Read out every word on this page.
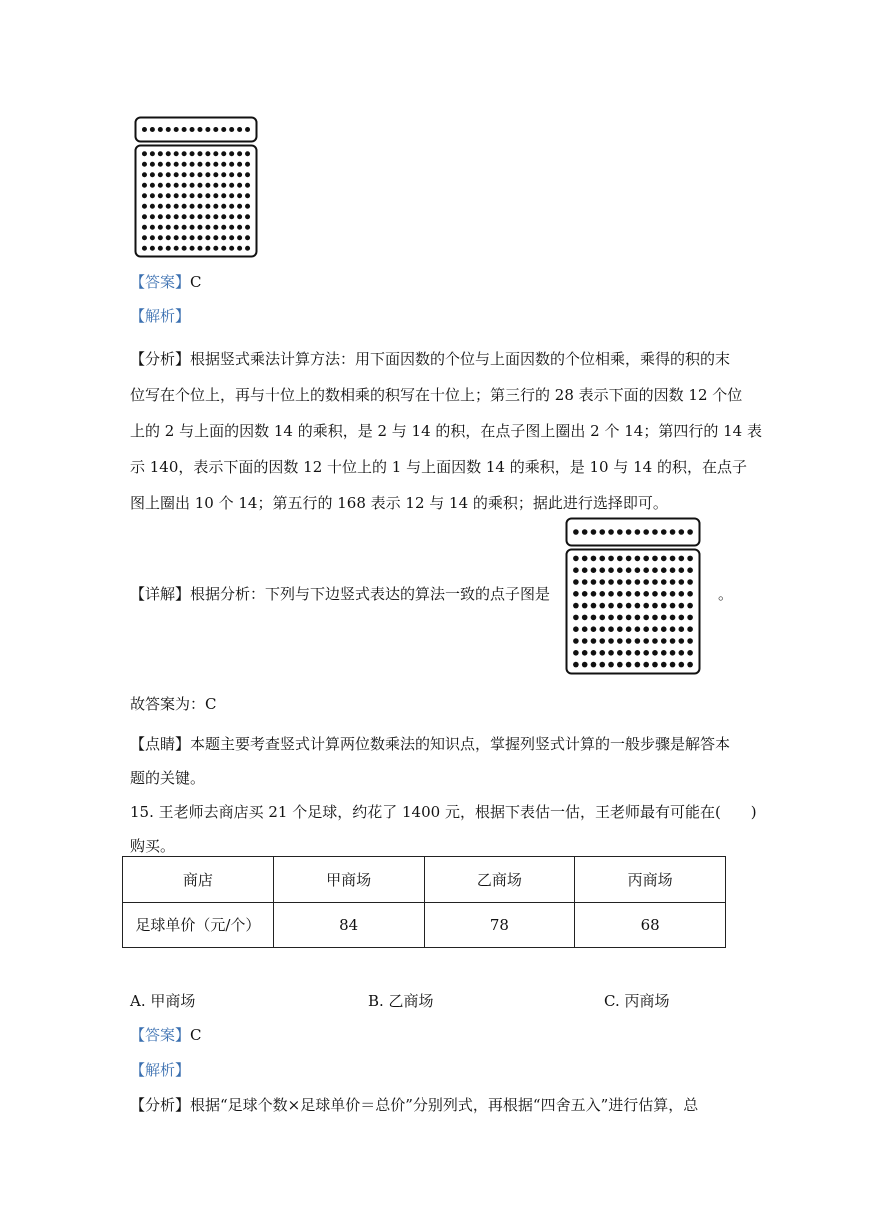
【答案】C
【解析】
【分析】根据竖式乘法计算方法：用下面因数的个位与上面因数的个位相乘，乘得的积的末
位写在个位上，再与十位上的数相乘的积写在十位上；第三行的 28 表示下面的因数 12 个位
上的 2 与上面的因数 14 的乘积，是 2 与 14 的积，在点子图上圈出 2 个 14；第四行的 14 表
示 140，表示下面的因数 12 十位上的 1 与上面因数 14 的乘积，是 10 与 14 的积，在点子
图上圈出 10 个 14；第五行的 168 表示 12 与 14 的乘积；据此进行选择即可。
【详解】根据分析：下列与下边竖式表达的算法一致的点子图是	。
故答案为：C
【点睛】本题主要考查竖式计算两位数乘法的知识点，掌握列竖式计算的一般步骤是解答本
题的关键。
15. 王老师去商店买 21 个足球，约花了 1400 元，根据下表估一估，王老师最有可能在(　　)
购买。
商店	甲商场	乙商场	丙商场
足球单价（元/个）	84	78	68
A. 甲商场	B. 乙商场	C. 丙商场
【答案】C
【解析】
【分析】根据“足球个数×足球单价＝总价”分别列式，再根据“四舍五入”进行估算，总
